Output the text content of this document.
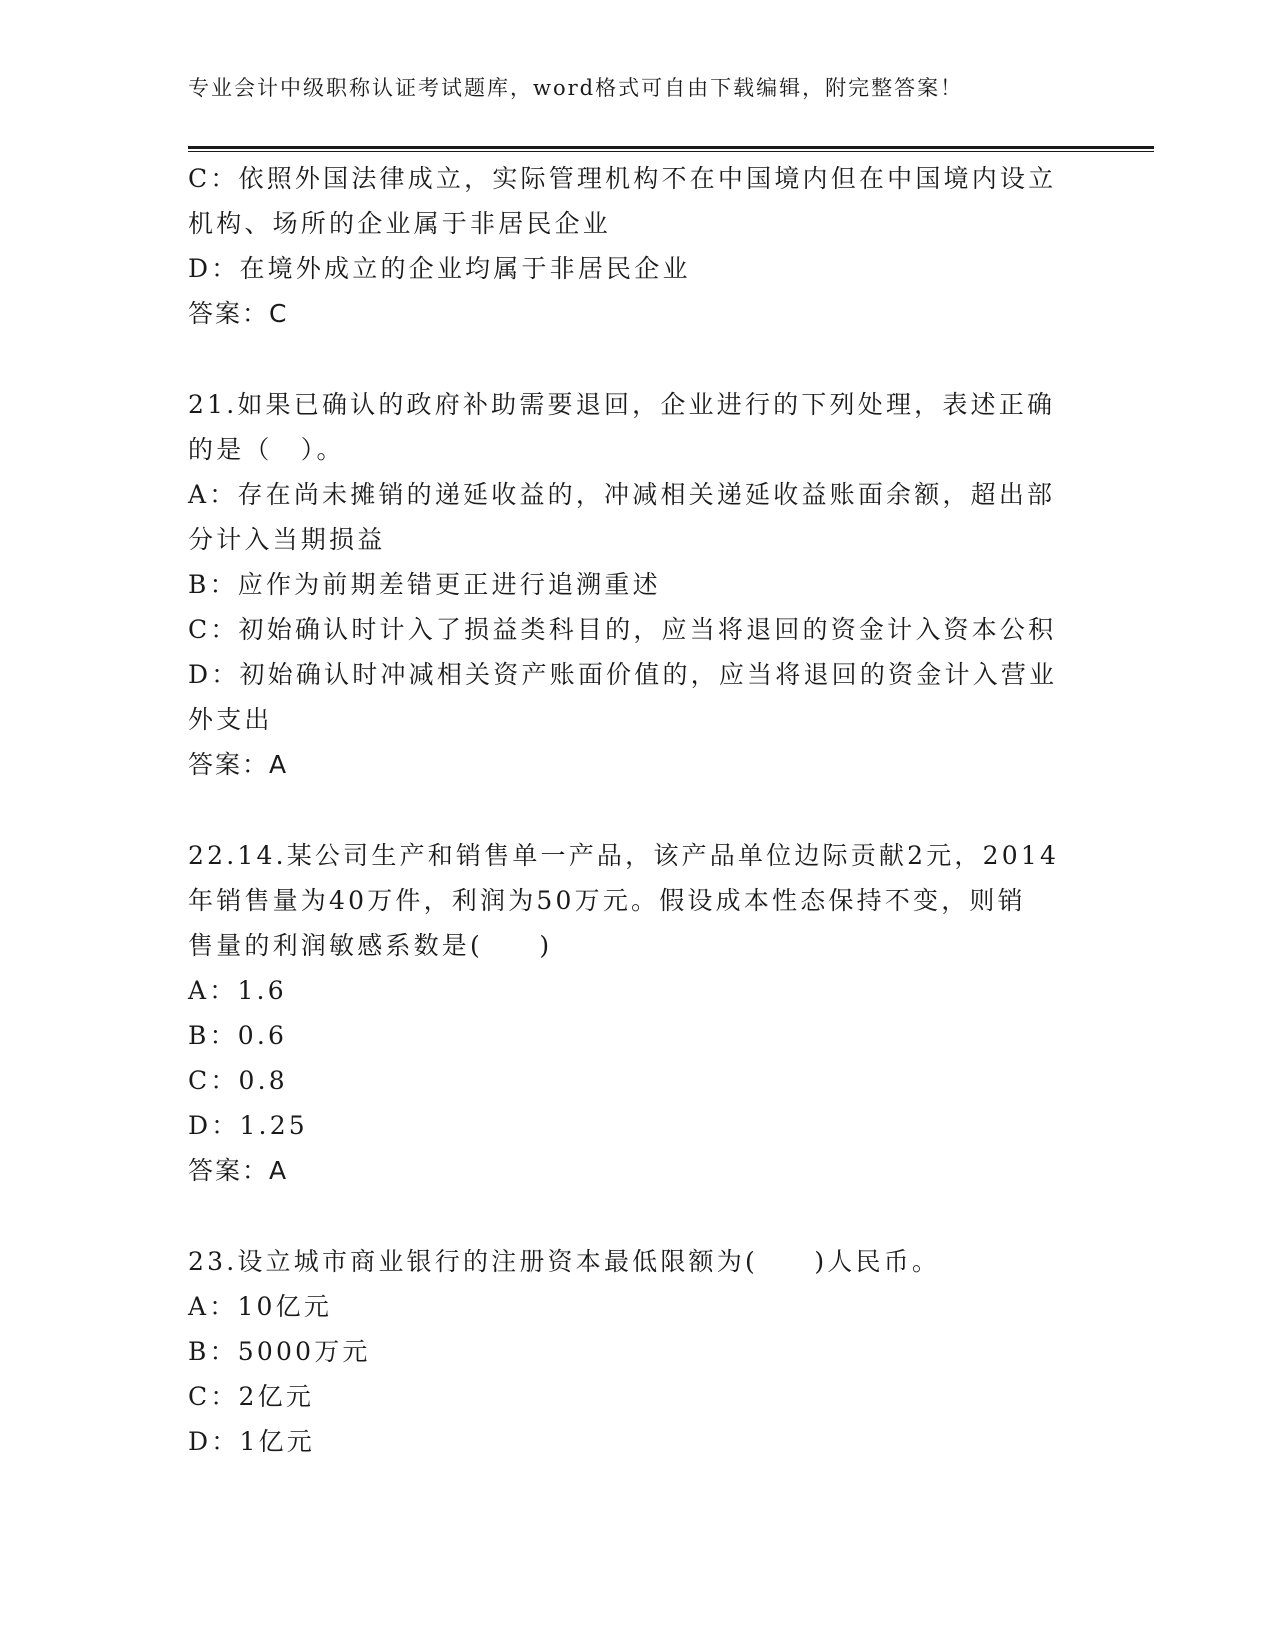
专业会计中级职称认证考试题库，word格式可自由下载编辑，附完整答案！
C：依照外国法律成立，实际管理机构不在中国境内但在中国境内设立
机构、场所的企业属于非居民企业
D：在境外成立的企业均属于非居民企业
答案：C
21.如果已确认的政府补助需要退回，企业进行的下列处理，表述正确
的是（　）。
A：存在尚未摊销的递延收益的，冲减相关递延收益账面余额，超出部
分计入当期损益
B：应作为前期差错更正进行追溯重述
C：初始确认时计入了损益类科目的，应当将退回的资金计入资本公积
D：初始确认时冲减相关资产账面价值的，应当将退回的资金计入营业
外支出
答案：A
22.14.某公司生产和销售单一产品，该产品单位边际贡献2元，2014
年销售量为40万件，利润为50万元。假设成本性态保持不变，则销
售量的利润敏感系数是(　　)
A：1.6
B：0.6
C：0.8
D：1.25
答案：A
23.设立城市商业银行的注册资本最低限额为(　　)人民币。
A：10亿元
B：5000万元
C：2亿元
D：1亿元
